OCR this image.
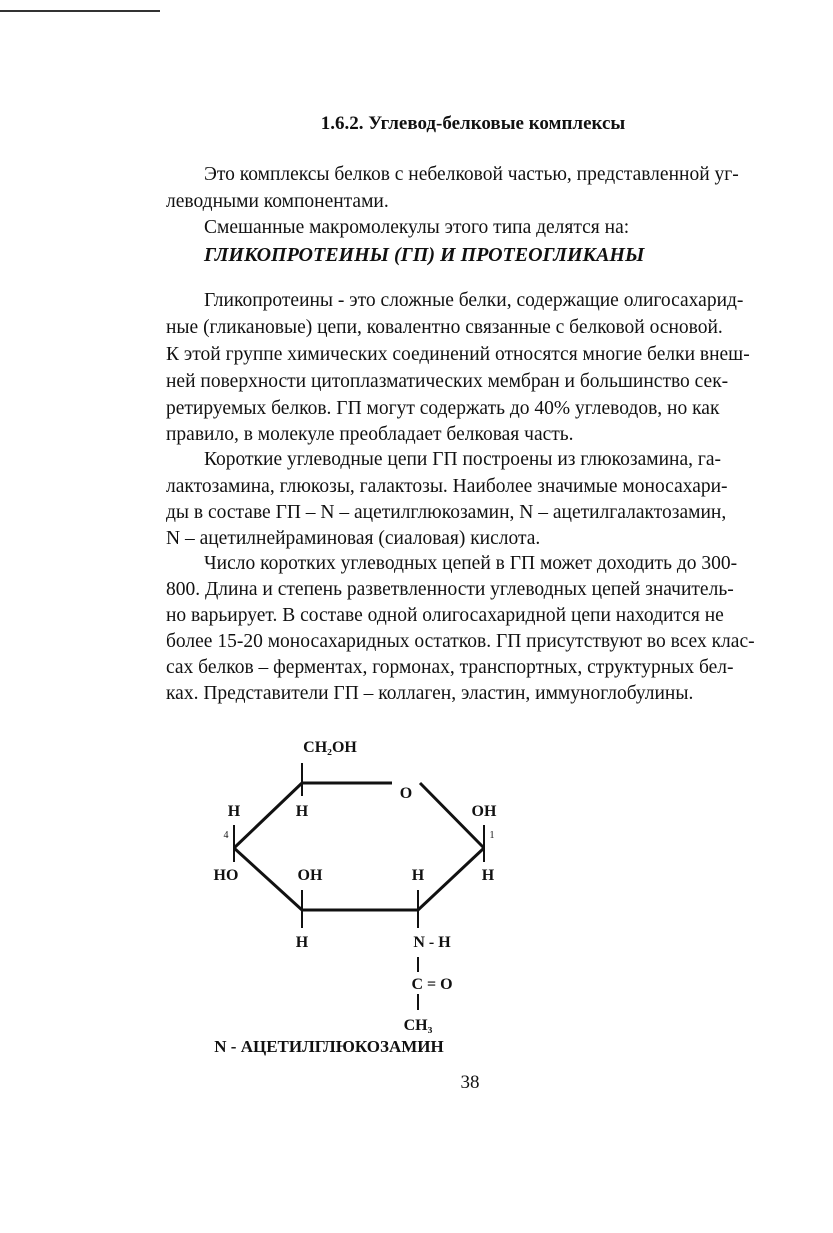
1.6.2. Углевод-белковые комплексы
Это комплексы белков с небелковой частью, представленной уг-
леводными компонентами.
Смешанные макромолекулы этого типа делятся на:
ГЛИКОПРОТЕИНЫ (ГП) И ПРОТЕОГЛИКАНЫ
Гликопротеины - это сложные белки, содержащие олигосахарид-
ные (гликановые) цепи, ковалентно связанные с белковой основой.
К этой группе химических соединений относятся многие белки внеш-
ней поверхности цитоплазматических мембран и большинство сек-
ретируемых белков. ГП могут содержать до 40% углеводов, но как
правило, в молекуле преобладает белковая часть.
Короткие углеводные цепи ГП построены из глюкозамина, га-
лактозамина, глюкозы, галактозы. Наиболее значимые моносахари-
ды в составе ГП – N – ацетилглюкозамин, N – ацетилгалактозамин,
N – ацетилнейраминовая (сиаловая) кислота.
Число коротких углеводных цепей в ГП может доходить до 300-
800. Длина и степень разветвленности углеводных цепей значитель-
но варьирует. В составе одной олигосахаридной цепи находится не
более 15-20 моносахаридных остатков. ГП присутствуют во всех клас-
сах белков – ферментах, гормонах, транспортных, структурных бел-
ках. Представители ГП – коллаген, эластин, иммуноглобулины.
CH₂OH
O
H
H
4
OH
1
HO	OH	H	H
H	N - H
C = O
CH₃
N - АЦЕТИЛГЛЮКОЗАМИН
38
